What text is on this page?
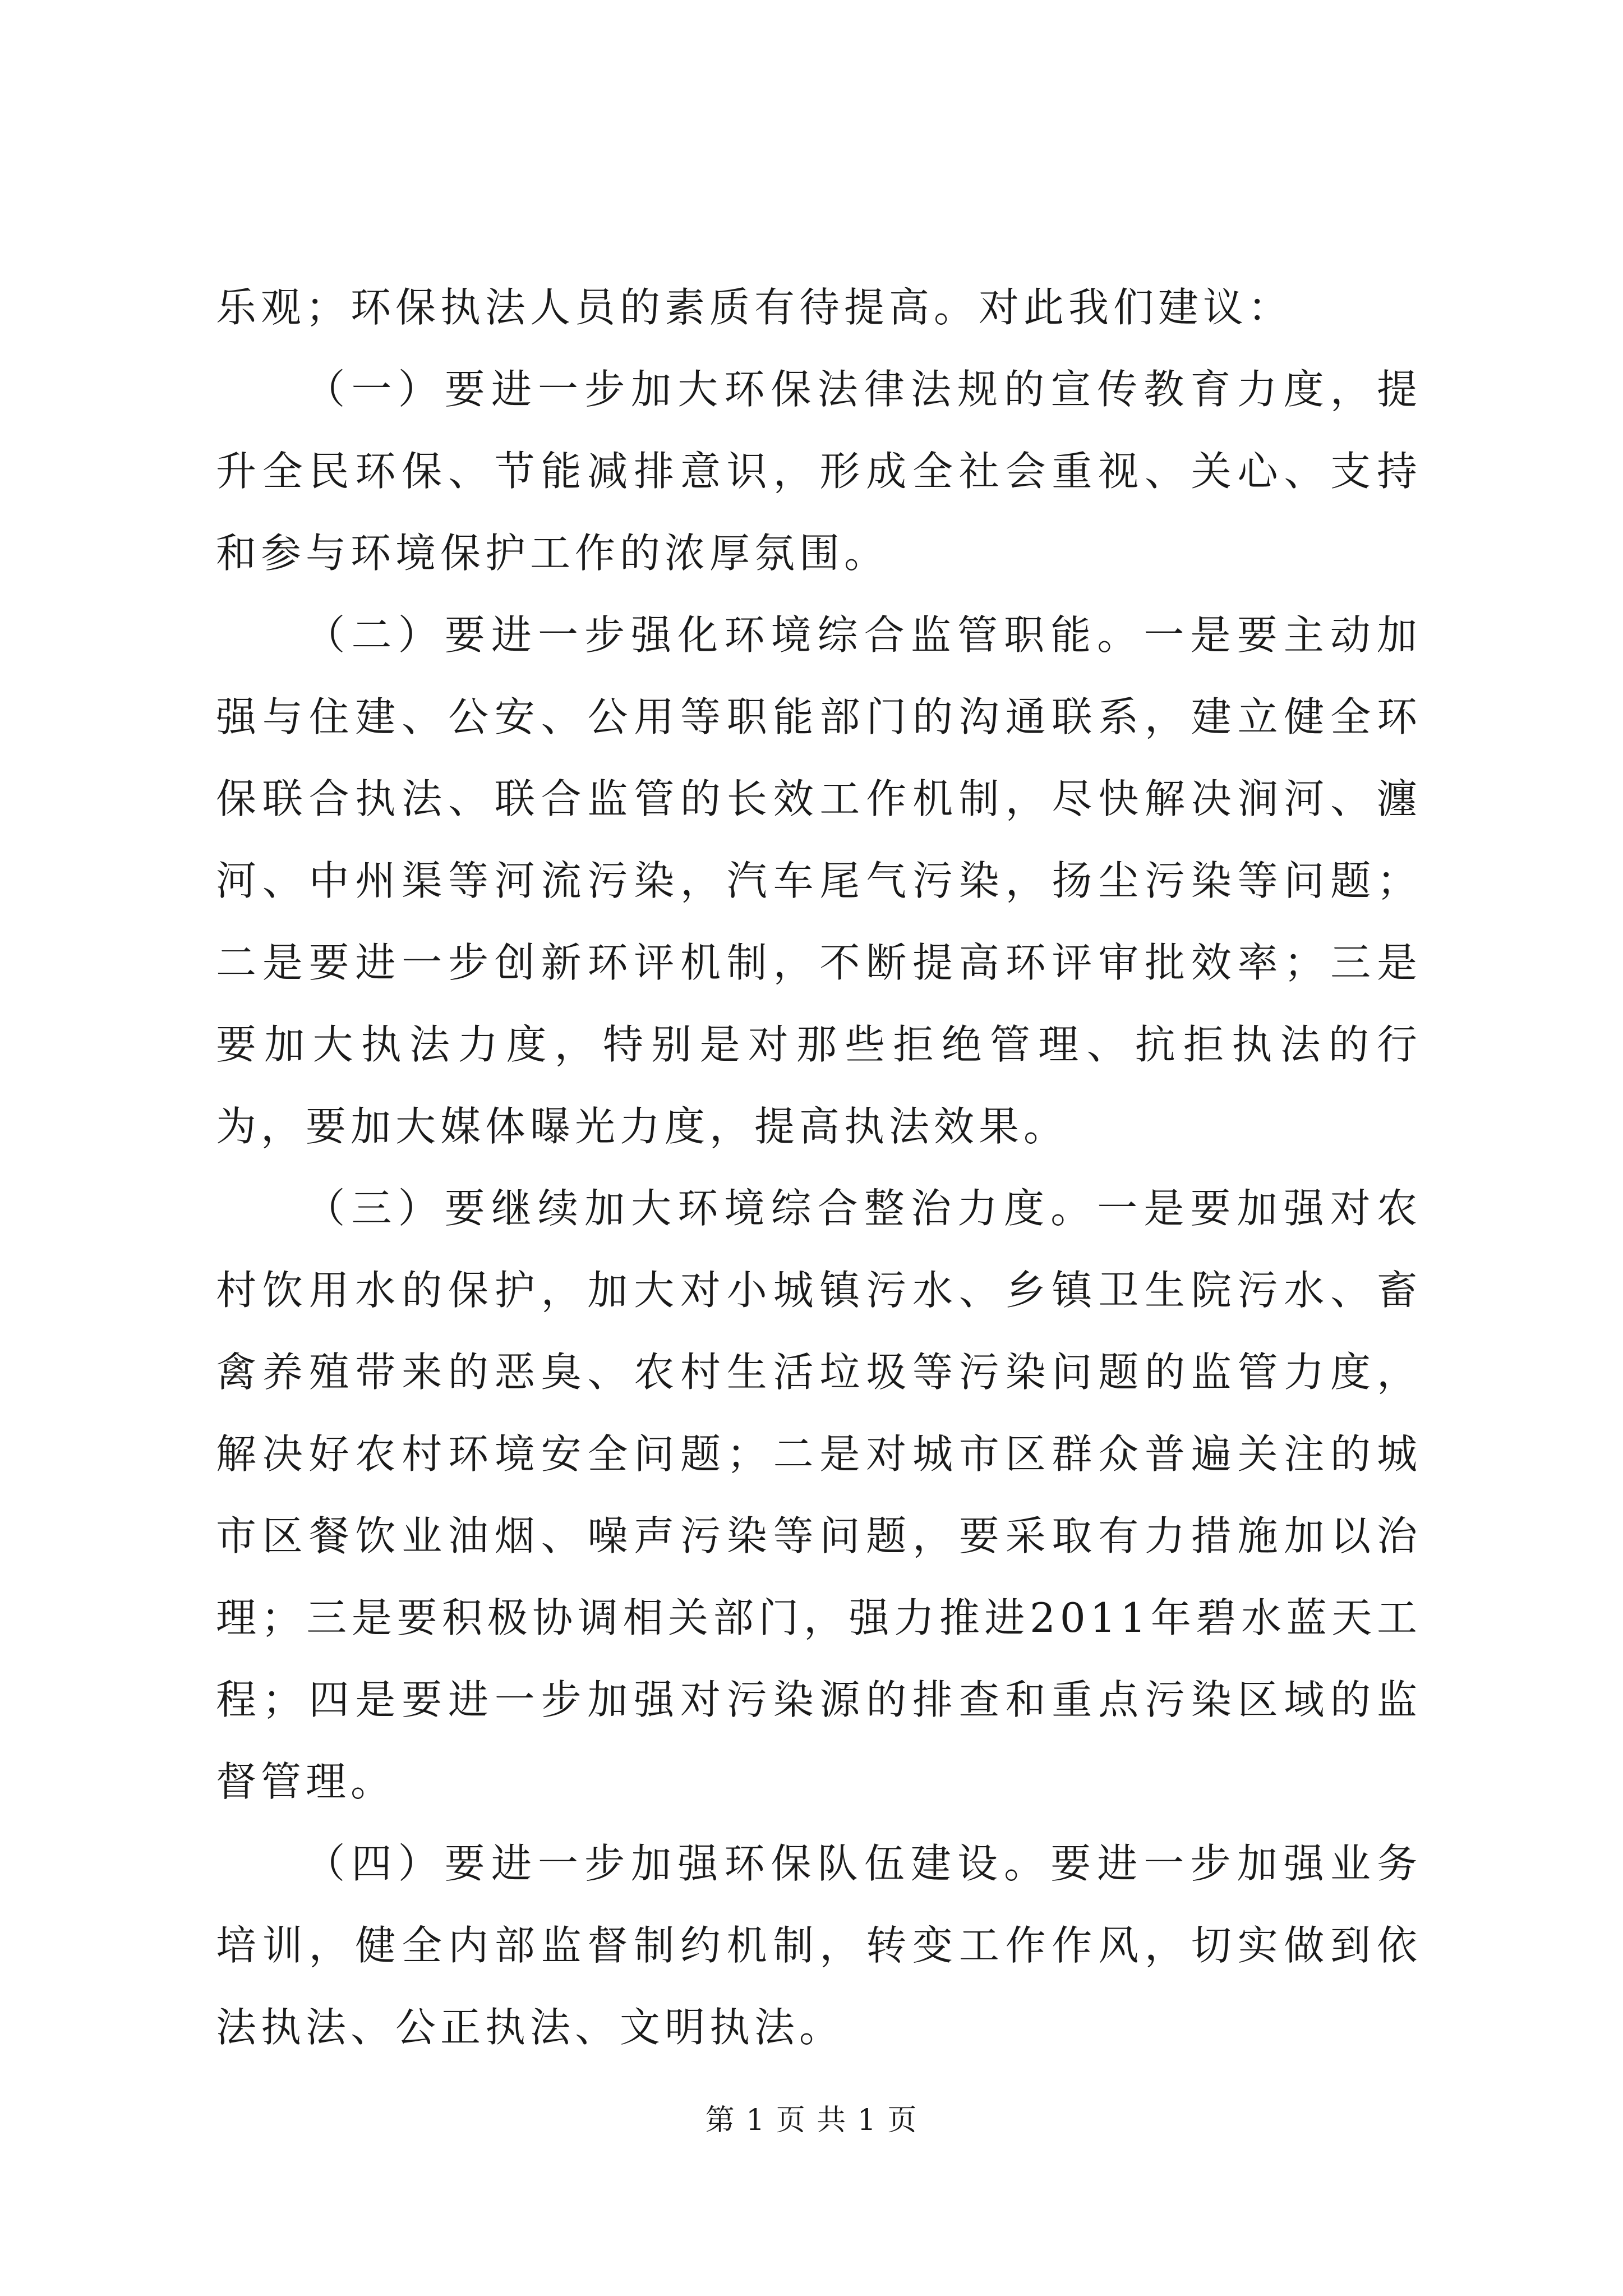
乐观；环保执法人员的素质有待提高。对此我们建议：

（一）要进一步加大环保法律法规的宣传教育力度，提升全民环保、节能减排意识，形成全社会重视、关心、支持和参与环境保护工作的浓厚氛围。

（二）要进一步强化环境综合监管职能。一是要主动加强与住建、公安、公用等职能部门的沟通联系，建立健全环保联合执法、联合监管的长效工作机制，尽快解决涧河、瀍河、中州渠等河流污染，汽车尾气污染，扬尘污染等问题；二是要进一步创新环评机制，不断提高环评审批效率；三是要加大执法力度，特别是对那些拒绝管理、抗拒执法的行为，要加大媒体曝光力度，提高执法效果。

（三）要继续加大环境综合整治力度。一是要加强对农村饮用水的保护，加大对小城镇污水、乡镇卫生院污水、畜禽养殖带来的恶臭、农村生活垃圾等污染问题的监管力度，解决好农村环境安全问题；二是对城市区群众普遍关注的城市区餐饮业油烟、噪声污染等问题，要采取有力措施加以治理；三是要积极协调相关部门，强力推进2011年碧水蓝天工程；四是要进一步加强对污染源的排查和重点污染区域的监督管理。

（四）要进一步加强环保队伍建设。要进一步加强业务培训，健全内部监督制约机制，转变工作作风，切实做到依法执法、公正执法、文明执法。

第 1 页 共 1 页
